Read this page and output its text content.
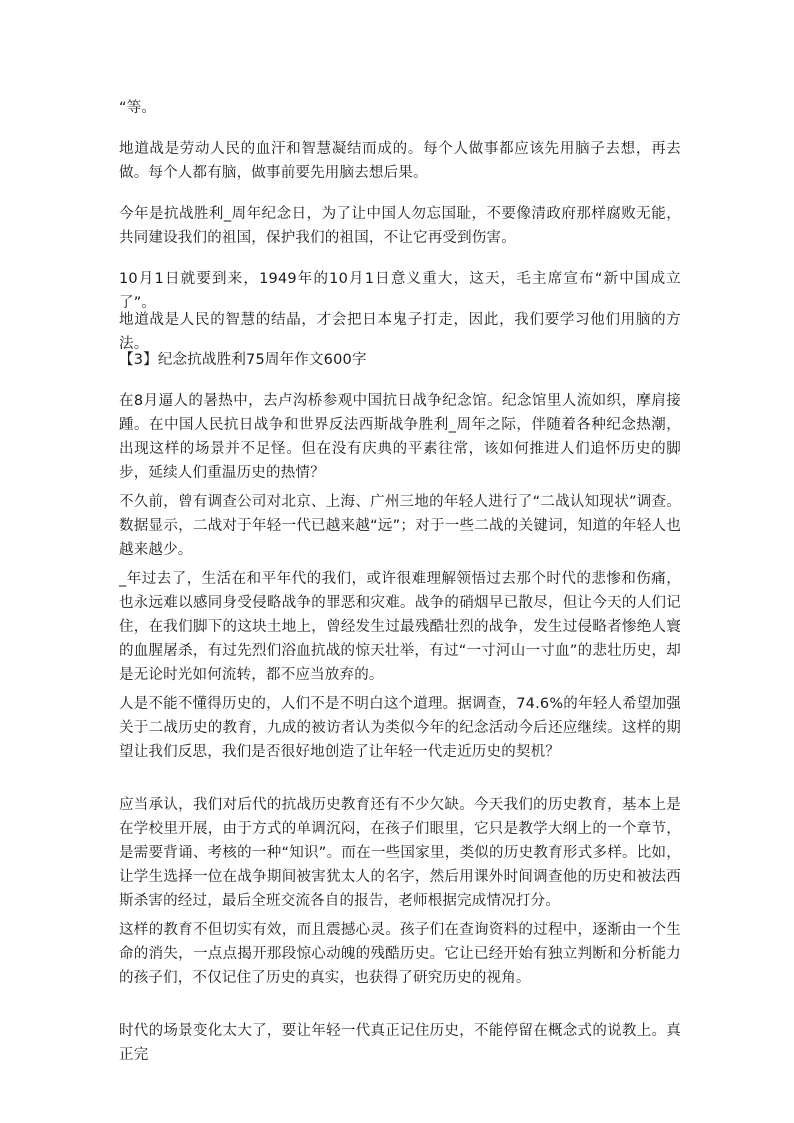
“等。

地道战是劳动人民的血汗和智慧凝结而成的。每个人做事都应该先用脑子去想，再去做。每个人都有脑，做事前要先用脑去想后果。

今年是抗战胜利_周年纪念日，为了让中国人勿忘国耻，不要像清政府那样腐败无能，共同建设我们的祖国，保护我们的祖国，不让它再受到伤害。

10月1日就要到来，1949年的10月1日意义重大，这天，毛主席宣布“新中国成立了”。

地道战是人民的智慧的结晶，才会把日本鬼子打走，因此，我们要学习他们用脑的方法。

【3】纪念抗战胜利75周年作文600字

在8月逼人的暑热中，去卢沟桥参观中国抗日战争纪念馆。纪念馆里人流如织，摩肩接踵。在中国人民抗日战争和世界反法西斯战争胜利_周年之际，伴随着各种纪念热潮，出现这样的场景并不足怪。但在没有庆典的平素往常，该如何推进人们追怀历史的脚步，延续人们重温历史的热情？

不久前，曾有调查公司对北京、上海、广州三地的年轻人进行了“二战认知现状”调查。数据显示，二战对于年轻一代已越来越“远”；对于一些二战的关键词，知道的年轻人也越来越少。

_年过去了，生活在和平年代的我们，或许很难理解领悟过去那个时代的悲惨和伤痛，也永远难以感同身受侵略战争的罪恶和灾难。战争的硝烟早已散尽，但让今天的人们记住，在我们脚下的这块土地上，曾经发生过最残酷壮烈的战争，发生过侵略者惨绝人寰的血腥屠杀，有过先烈们浴血抗战的惊天壮举，有过“一寸河山一寸血”的悲壮历史，却是无论时光如何流转，都不应当放弃的。

人是不能不懂得历史的，人们不是不明白这个道理。据调查，74.6%的年轻人希望加强关于二战历史的教育，九成的被访者认为类似今年的纪念活动今后还应继续。这样的期望让我们反思，我们是否很好地创造了让年轻一代走近历史的契机？

应当承认，我们对后代的抗战历史教育还有不少欠缺。今天我们的历史教育，基本上是在学校里开展，由于方式的单调沉闷，在孩子们眼里，它只是教学大纲上的一个章节，是需要背诵、考核的一种“知识”。而在一些国家里，类似的历史教育形式多样。比如，让学生选择一位在战争期间被害犹太人的名字，然后用课外时间调查他的历史和被法西斯杀害的经过，最后全班交流各自的报告，老师根据完成情况打分。

这样的教育不但切实有效，而且震撼心灵。孩子们在查询资料的过程中，逐渐由一个生命的消失，一点点揭开那段惊心动魄的残酷历史。它让已经开始有独立判断和分析能力的孩子们，不仅记住了历史的真实，也获得了研究历史的视角。

时代的场景变化太大了，要让年轻一代真正记住历史，不能停留在概念式的说教上。真正完
